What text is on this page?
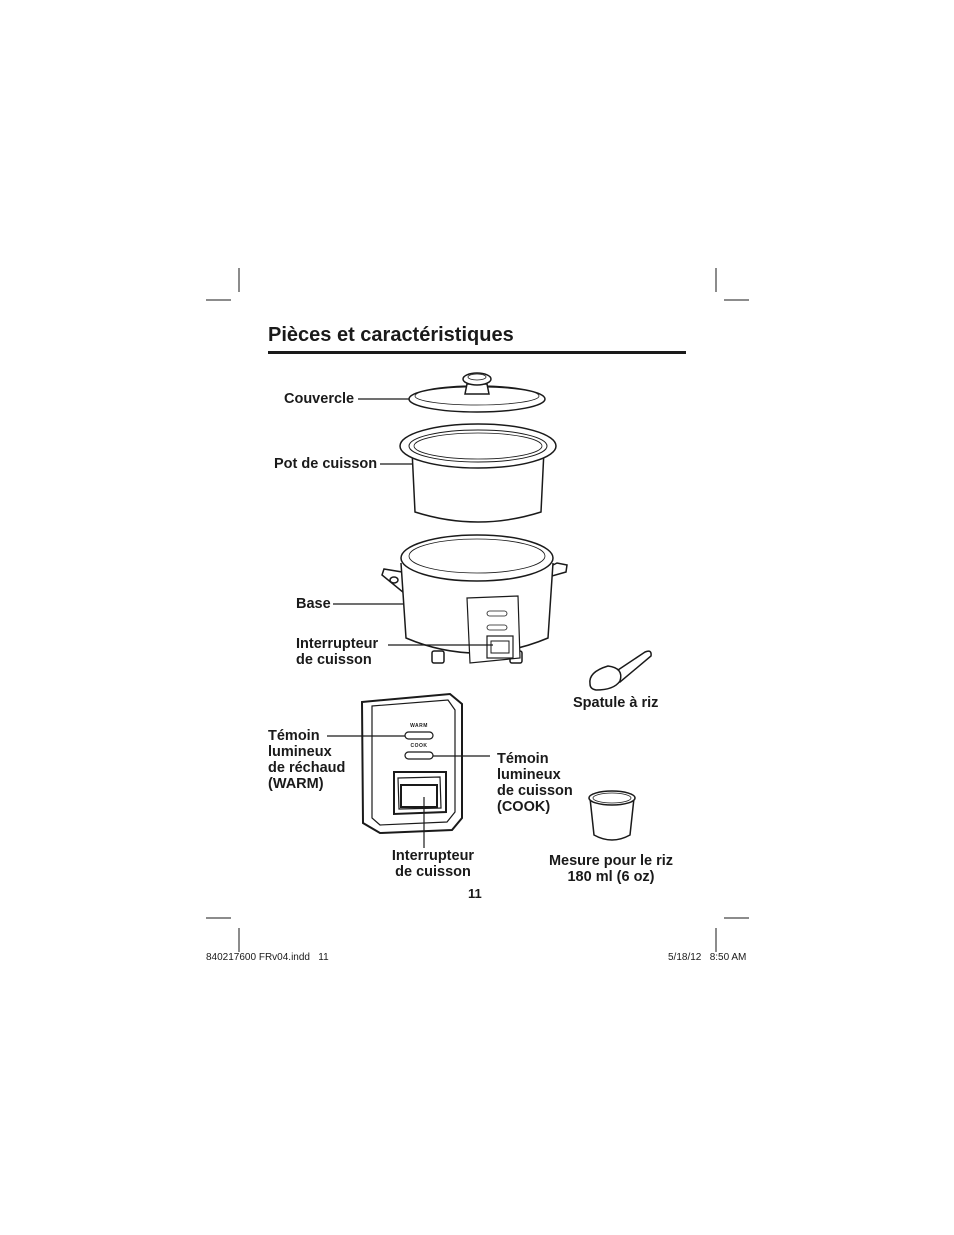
WARM
COOK
Pièces et caractéristiques
Couvercle
Pot de cuisson
Base
Interrupteur
de cuisson
Spatule à riz
Témoin
lumineux
de réchaud
(WARM)
Témoin
lumineux
de cuisson
(COOK)
Interrupteur
de cuisson
Mesure pour le riz
180 ml (6 oz)
11
840217600 FRv04.indd   11	5/18/12   8:50 AM
